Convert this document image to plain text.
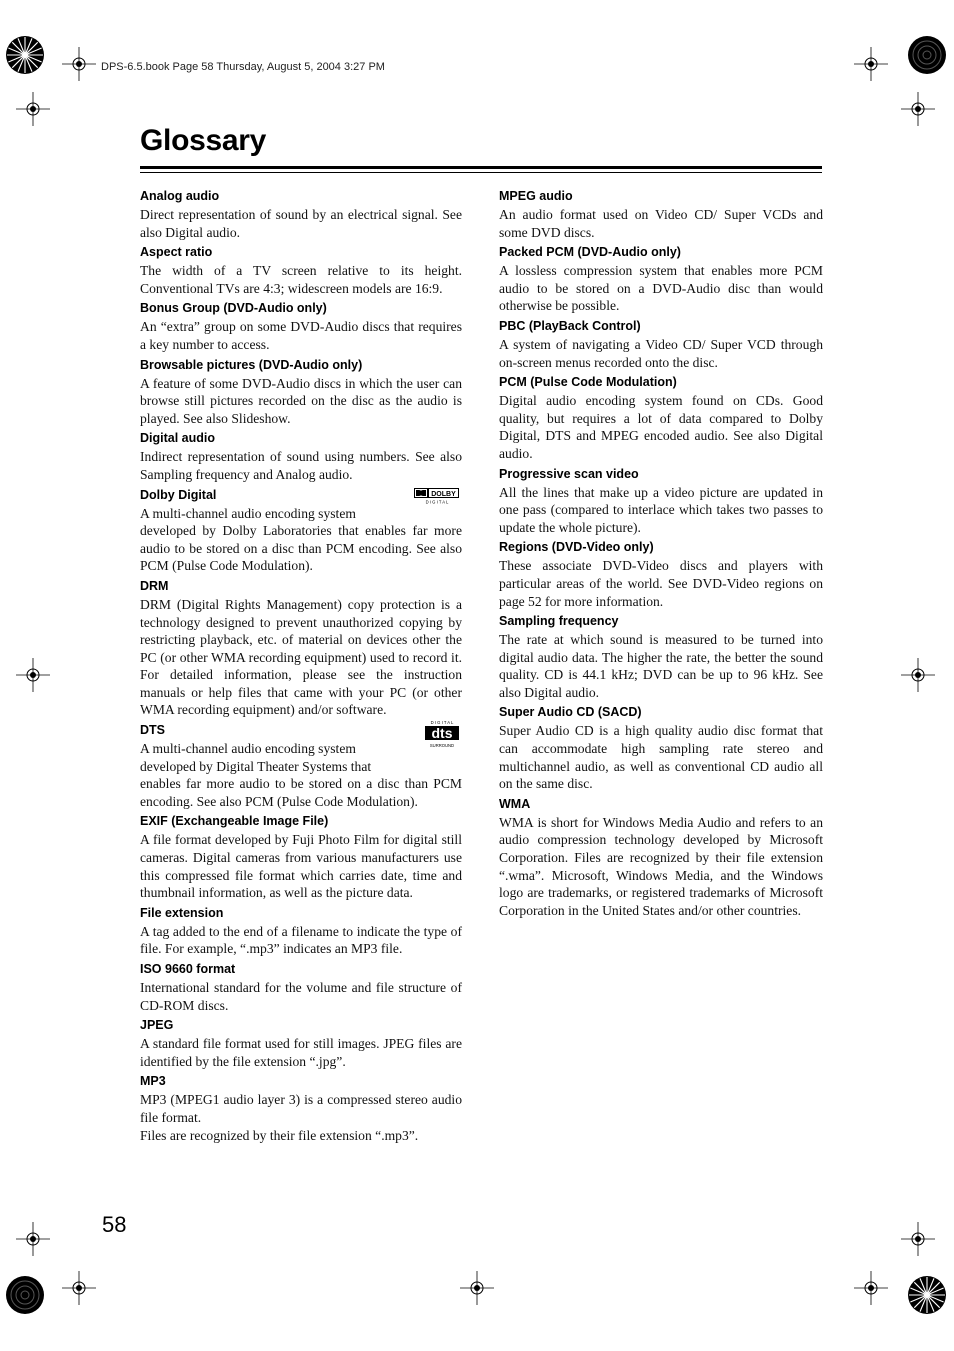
DPS-6.5.book Page 58 Thursday, August 5, 2004 3:27 PM
Glossary
Analog audio

Direct representation of sound by an electrical signal. See also Digital audio.

Aspect ratio

The width of a TV screen relative to its height. Conventional TVs are 4:3; widescreen models are 16:9.

Bonus Group (DVD-Audio only)

An “extra” group on some DVD-Audio discs that requires a key number to access.

Browsable pictures (DVD-Audio only)

A feature of some DVD-Audio discs in which the user can browse still pictures recorded on the disc as the audio is played. See also Slideshow.

Digital audio

Indirect representation of sound using numbers. See also Sampling frequency and Analog audio.

Dolby Digital	DOLBY
D I G I T A L

A multi-channel audio encoding system

developed by Dolby Laboratories that enables far more audio to be stored on a disc than PCM encoding. See also PCM (Pulse Code Modulation).

DRM

DRM (Digital Rights Management) copy protection is a technology designed to prevent unauthorized copying by restricting playback, etc. of material on devices other the PC (or other WMA recording equipment) used to record it. For detailed information, please see the instruction manuals or help files that came with your PC (or other WMA recording equipment) and/or software.

DTS
D I G I T A L
dts
SURROUND

A multi-channel audio encoding system developed by Digital Theater Systems that

enables far more audio to be stored on a disc than PCM encoding. See also PCM (Pulse Code Modulation).

EXIF (Exchangeable Image File)

A file format developed by Fuji Photo Film for digital still cameras. Digital cameras from various manufacturers use this compressed file format which carries date, time and thumbnail information, as well as the picture data.

File extension

A tag added to the end of a filename to indicate the type of file. For example, “.mp3” indicates an MP3 file.

ISO 9660 format

International standard for the volume and file structure of CD-ROM discs.

JPEG

A standard file format used for still images. JPEG files are identified by the file extension “.jpg”.

MP3

MP3 (MPEG1 audio layer 3) is a compressed stereo audio file format.

Files are recognized by their file extension “.mp3”.

MPEG audio

An audio format used on Video CD/ Super VCDs and some DVD discs.

Packed PCM (DVD-Audio only)

A lossless compression system that enables more PCM audio to be stored on a DVD-Audio disc than would otherwise be possible.

PBC (PlayBack Control)

A system of navigating a Video CD/ Super VCD through on-screen menus recorded onto the disc.

PCM (Pulse Code Modulation)

Digital audio encoding system found on CDs. Good quality, but requires a lot of data compared to Dolby Digital, DTS and MPEG encoded audio. See also Digital audio.

Progressive scan video

All the lines that make up a video picture are updated in one pass (compared to interlace which takes two passes to update the whole picture).

Regions (DVD-Video only)

These associate DVD-Video discs and players with particular areas of the world. See DVD-Video regions on page 52 for more information.

Sampling frequency

The rate at which sound is measured to be turned into digital audio data. The higher the rate, the better the sound quality. CD is 44.1 kHz; DVD can be up to 96 kHz. See also Digital audio.

Super Audio CD (SACD)

Super Audio CD is a high quality audio disc format that can accommodate high sampling rate stereo and multichannel audio, as well as conventional CD audio all on the same disc.

WMA

WMA is short for Windows Media Audio and refers to an audio compression technology developed by Microsoft Corporation. Files are recognized by their file extension “.wma”. Microsoft, Windows Media, and the Windows logo are trademarks, or registered trademarks of Microsoft Corporation in the United States and/or other countries.

58
